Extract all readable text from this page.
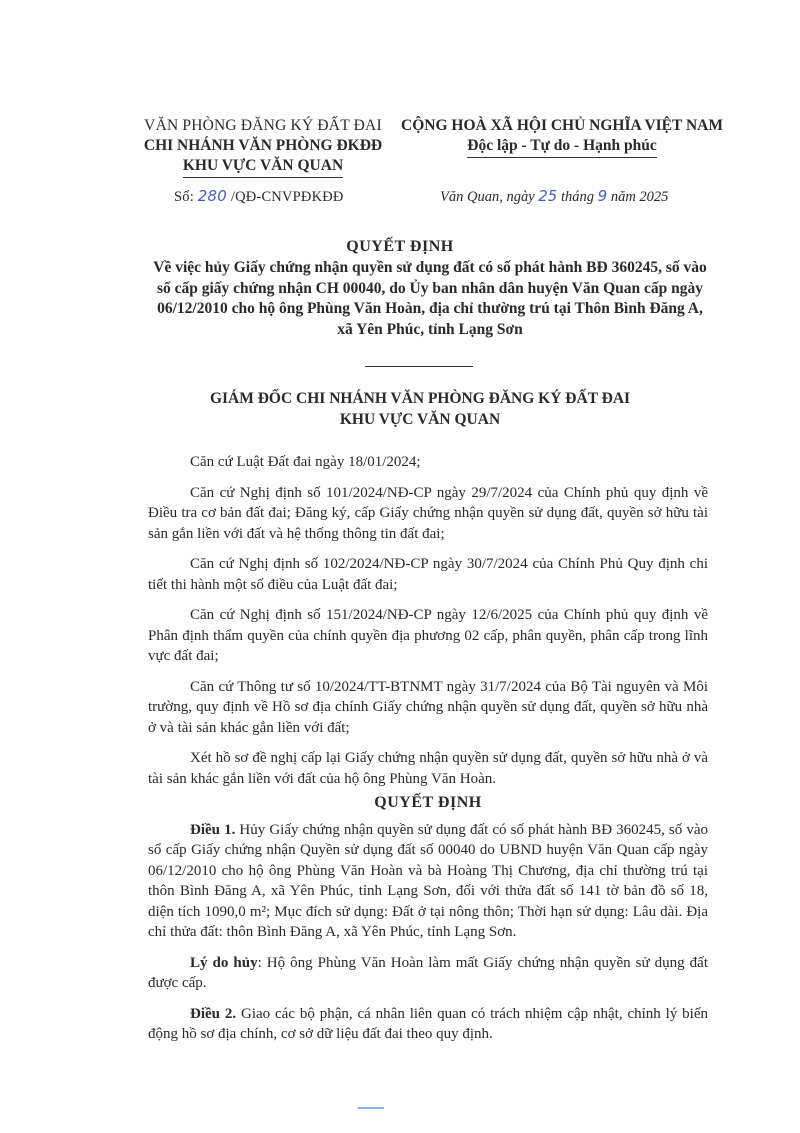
VĂN PHÒNG ĐĂNG KÝ ĐẤT ĐAI
CHI NHÁNH VĂN PHÒNG ĐKĐĐ
KHU VỰC VĂN QUAN
CỘNG HOÀ XÃ HỘI CHỦ NGHĨA VIỆT NAM
Độc lập - Tự do - Hạnh phúc
Số: 280 /QĐ-CNVPĐKĐĐ	Văn Quan, ngày 25 tháng 9 năm 2025
QUYẾT ĐỊNH
Về việc hủy Giấy chứng nhận quyền sử dụng đất có số phát hành BĐ 360245, số vào sổ cấp giấy chứng nhận CH 00040, do Ủy ban nhân dân huyện Văn Quan cấp ngày 06/12/2010 cho hộ ông Phùng Văn Hoàn, địa chỉ thường trú tại Thôn Bình Đăng A, xã Yên Phúc, tỉnh Lạng Sơn
GIÁM ĐỐC CHI NHÁNH VĂN PHÒNG ĐĂNG KÝ ĐẤT ĐAI
KHU VỰC VĂN QUAN

Căn cứ Luật Đất đai ngày 18/01/2024;

Căn cứ Nghị định số 101/2024/NĐ-CP ngày 29/7/2024 của Chính phủ quy định về Điều tra cơ bản đất đai; Đăng ký, cấp Giấy chứng nhận quyền sử dụng đất, quyền sở hữu tài sản gắn liền với đất và hệ thống thông tin đất đai;

Căn cứ Nghị định số 102/2024/NĐ-CP ngày 30/7/2024 của Chính Phủ Quy định chi tiết thi hành một số điều của Luật đất đai;

Căn cứ Nghị định số 151/2024/NĐ-CP ngày 12/6/2025 của Chính phủ quy định về Phân định thẩm quyền của chính quyền địa phương 02 cấp, phân quyền, phân cấp trong lĩnh vực đất đai;

Căn cứ Thông tư số 10/2024/TT-BTNMT ngày 31/7/2024 của Bộ Tài nguyên và Môi trường, quy định về Hồ sơ địa chính Giấy chứng nhận quyền sử dụng đất, quyền sở hữu nhà ở và tài sản khác gắn liền với đất;

Xét hồ sơ đề nghị cấp lại Giấy chứng nhận quyền sử dụng đất, quyền sở hữu nhà ở và tài sản khác gắn liền với đất của hộ ông Phùng Văn Hoàn.

QUYẾT ĐỊNH

Điều 1. Hủy Giấy chứng nhận quyền sử dụng đất có số phát hành BĐ 360245, số vào sổ cấp Giấy chứng nhận Quyền sử dụng đất số 00040 do UBND huyện Văn Quan cấp ngày 06/12/2010 cho hộ ông Phùng Văn Hoàn và bà Hoàng Thị Chương, địa chỉ thường trú tại thôn Bình Đăng A, xã Yên Phúc, tỉnh Lạng Sơn, đối với thửa đất số 141 tờ bản đồ số 18, diện tích 1090,0 m²; Mục đích sử dụng: Đất ở tại nông thôn; Thời hạn sử dụng: Lâu dài. Địa chỉ thửa đất: thôn Bình Đăng A, xã Yên Phúc, tỉnh Lạng Sơn.

Lý do hủy: Hộ ông Phùng Văn Hoàn làm mất Giấy chứng nhận quyền sử dụng đất được cấp.

Điều 2. Giao các bộ phận, cá nhân liên quan có trách nhiệm cập nhật, chỉnh lý biến động hồ sơ địa chính, cơ sở dữ liệu đất đai theo quy định.
